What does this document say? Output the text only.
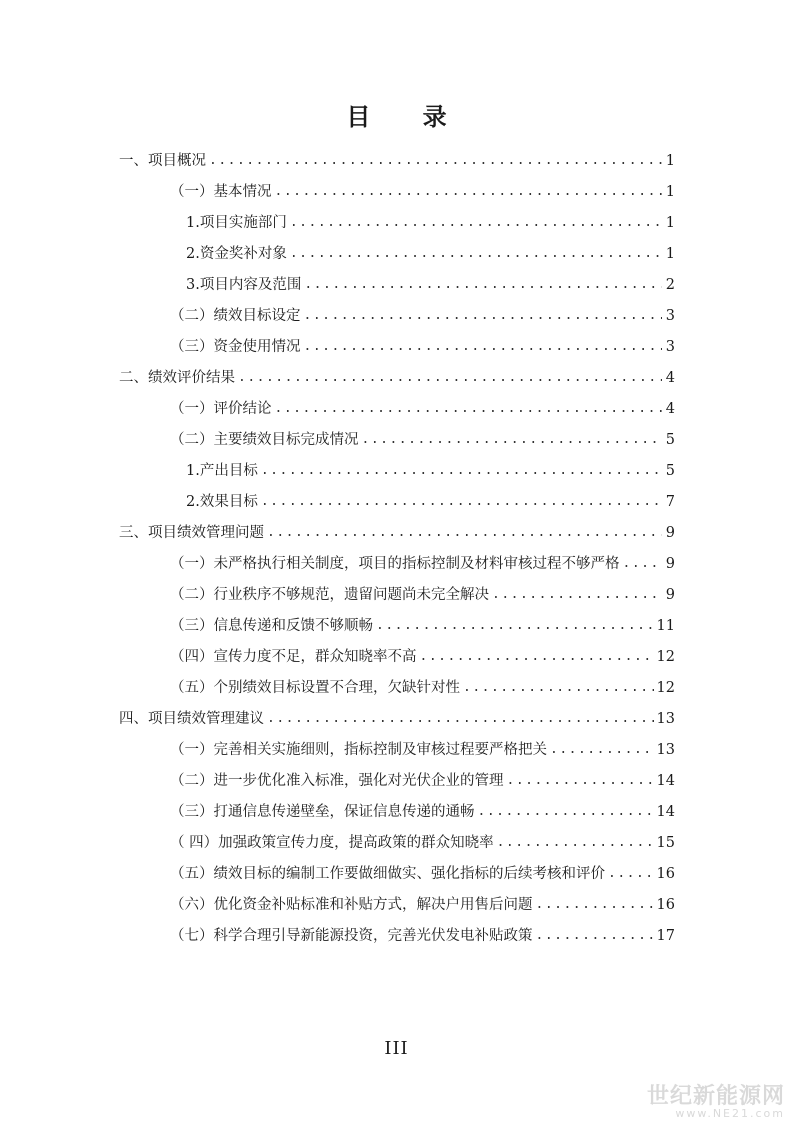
目 录
一、项目概况 .....	1
（一）基本情况 .....	1
1.项目实施部门 .....	1
2.资金奖补对象 .....	1
3.项目内容及范围 .....	2
（二）绩效目标设定 .....	3
（三）资金使用情况 .....	3
二、绩效评价结果 .....	4
（一）评价结论 .....	4
（二）主要绩效目标完成情况 .....	5
1.产出目标 .....	5
2.效果目标 .....	7
三、项目绩效管理问题 .....	9
（一）未严格执行相关制度，项目的指标控制及材料审核过程不够严格 .....	9
（二）行业秩序不够规范，遗留问题尚未完全解决 .....	9
（三）信息传递和反馈不够顺畅 .....	11
（四）宣传力度不足，群众知晓率不高 .....	12
（五）个别绩效目标设置不合理，欠缺针对性 .....	12
四、项目绩效管理建议 .....	13
（一）完善相关实施细则，指标控制及审核过程要严格把关 .....	13
（二）进一步优化准入标准，强化对光伏企业的管理 .....	14
（三）打通信息传递壁垒，保证信息传递的通畅 .....	14
（ 四）加强政策宣传力度，提高政策的群众知晓率 .....	15
（五）绩效目标的编制工作要做细做实、强化指标的后续考核和评价 .....	16
（六）优化资金补贴标准和补贴方式，解决户用售后问题 .....	16
（七）科学合理引导新能源投资，完善光伏发电补贴政策 .....	17
III
世纪新能源网
www.NE21.com
